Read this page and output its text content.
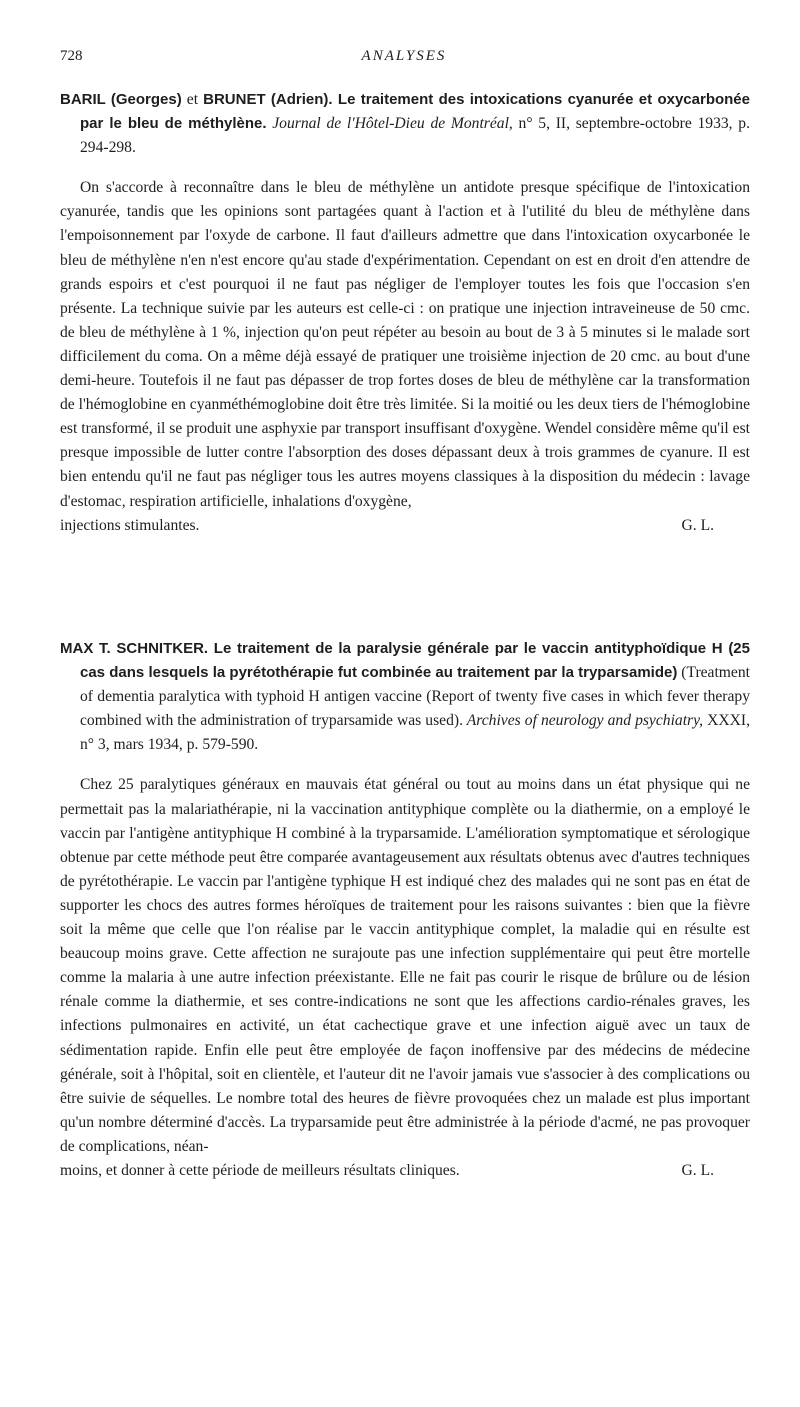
728	ANALYSES

BARIL (Georges) et BRUNET (Adrien). Le traitement des intoxications cyanurée et oxycarbonée par le bleu de méthylène. Journal de l'Hôtel-Dieu de Montréal, n° 5, II, septembre-octobre 1933, p. 294-298.

On s'accorde à reconnaître dans le bleu de méthylène un antidote presque spécifique de l'intoxication cyanurée, tandis que les opinions sont partagées quant à l'action et à l'utilité du bleu de méthylène dans l'empoisonnement par l'oxyde de carbone. Il faut d'ailleurs admettre que dans l'intoxication oxycarbonée le bleu de méthylène n'en n'est encore qu'au stade d'expérimentation. Cependant on est en droit d'en attendre de grands espoirs et c'est pourquoi il ne faut pas négliger de l'employer toutes les fois que l'occasion s'en présente. La technique suivie par les auteurs est celle-ci : on pratique une injection intraveineuse de 50 cmc. de bleu de méthylène à 1 %, injection qu'on peut répéter au besoin au bout de 3 à 5 minutes si le malade sort difficilement du coma. On a même déjà essayé de pratiquer une troisième injection de 20 cmc. au bout d'une demi-heure. Toutefois il ne faut pas dépasser de trop fortes doses de bleu de méthylène car la transformation de l'hémoglobine en cyanméthémoglobine doit être très limitée. Si la moitié ou les deux tiers de l'hémoglobine est transformé, il se produit une asphyxie par transport insuffisant d'oxygène. Wendel considère même qu'il est presque impossible de lutter contre l'absorption des doses dépassant deux à trois grammes de cyanure. Il est bien entendu qu'il ne faut pas négliger tous les autres moyens classiques à la disposition du médecin : lavage d'estomac, respiration artificielle, inhalations d'oxygène,

injections stimulantes.	G. L.

MAX T. SCHNITKER. Le traitement de la paralysie générale par le vaccin antityphoïdique H (25 cas dans lesquels la pyrétothérapie fut combinée au traitement par la tryparsamide) (Treatment of dementia paralytica with typhoid H antigen vaccine (Report of twenty five cases in which fever therapy combined with the administration of tryparsamide was used). Archives of neurology and psychiatry, XXXI, n° 3, mars 1934, p. 579-590.

Chez 25 paralytiques généraux en mauvais état général ou tout au moins dans un état physique qui ne permettait pas la malariathérapie, ni la vaccination antityphique complète ou la diathermie, on a employé le vaccin par l'antigène antityphique H combiné à la tryparsamide. L'amélioration symptomatique et sérologique obtenue par cette méthode peut être comparée avantageusement aux résultats obtenus avec d'autres techniques de pyrétothérapie. Le vaccin par l'antigène typhique H est indiqué chez des malades qui ne sont pas en état de supporter les chocs des autres formes héroïques de traitement pour les raisons suivantes : bien que la fièvre soit la même que celle que l'on réalise par le vaccin antityphique complet, la maladie qui en résulte est beaucoup moins grave. Cette affection ne surajoute pas une infection supplémentaire qui peut être mortelle comme la malaria à une autre infection préexistante. Elle ne fait pas courir le risque de brûlure ou de lésion rénale comme la diathermie, et ses contre-indications ne sont que les affections cardio-rénales graves, les infections pulmonaires en activité, un état cachectique grave et une infection aiguë avec un taux de sédimentation rapide. Enfin elle peut être employée de façon inoffensive par des médecins de médecine générale, soit à l'hôpital, soit en clientèle, et l'auteur dit ne l'avoir jamais vue s'associer à des complications ou être suivie de séquelles. Le nombre total des heures de fièvre provoquées chez un malade est plus important qu'un nombre déterminé d'accès. La tryparsamide peut être administrée à la période d'acmé, ne pas provoquer de complications, néan-

moins, et donner à cette période de meilleurs résultats cliniques.	G. L.
